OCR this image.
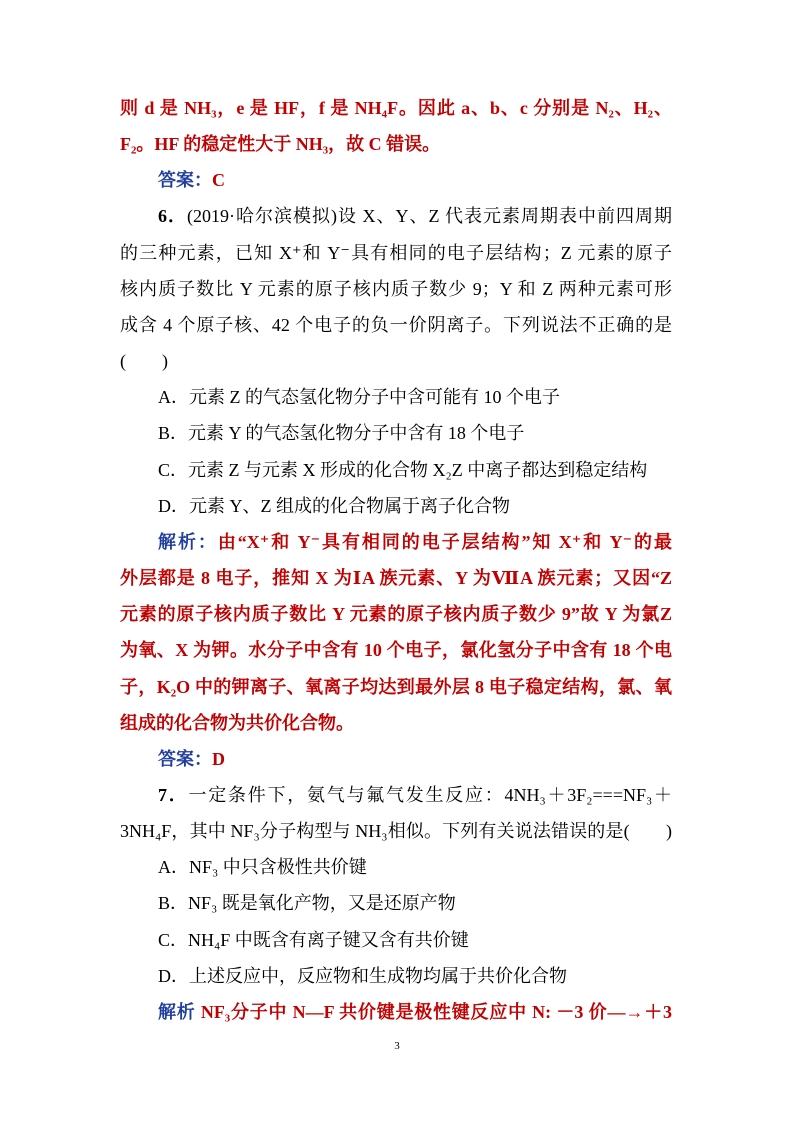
则 d 是 NH₃，e 是 HF，f 是 NH₄F。因此 a、b、c 分别是 N₂、H₂、
F₂。HF 的稳定性大于 NH₃，故 C 错误。
答案：C
6．(2019·哈尔滨模拟)设 X、Y、Z 代表元素周期表中前四周期
的三种元素，已知 X⁺和 Y⁻具有相同的电子层结构；Z 元素的原子
核内质子数比 Y 元素的原子核内质子数少 9；Y 和 Z 两种元素可形
成含 4 个原子核、42 个电子的负一价阴离子。下列说法不正确的是
(　　)
A．元素 Z 的气态氢化物分子中含可能有 10 个电子
B．元素 Y 的气态氢化物分子中含有 18 个电子
C．元素 Z 与元素 X 形成的化合物 X₂Z 中离子都达到稳定结构
D．元素 Y、Z 组成的化合物属于离子化合物
解析：由“X⁺和 Y⁻具有相同的电子层结构”知 X⁺和 Y⁻的最
外层都是 8 电子，推知 X 为ⅠA 族元素、Y 为ⅦA 族元素；又因“Z
元素的原子核内质子数比 Y 元素的原子核内质子数少 9”故 Y 为氯Z
为氧、X 为钾。水分子中含有 10 个电子，氯化氢分子中含有 18 个电
子，K₂O 中的钾离子、氧离子均达到最外层 8 电子稳定结构，氯、氧
组成的化合物为共价化合物。
答案：D
7．一定条件下，氨气与氟气发生反应：4NH₃＋3F₂===NF₃＋
3NH₄F，其中 NF₃分子构型与 NH₃相似。下列有关说法错误的是(　　)
A．NF₃ 中只含极性共价键
B．NF₃ 既是氧化产物，又是还原产物
C．NH₄F 中既含有离子键又含有共价键
D．上述反应中，反应物和生成物均属于共价化合物
解析 NF₃分子中 N—F 共价键是极性键反应中 N: －3 价—→＋3
3
